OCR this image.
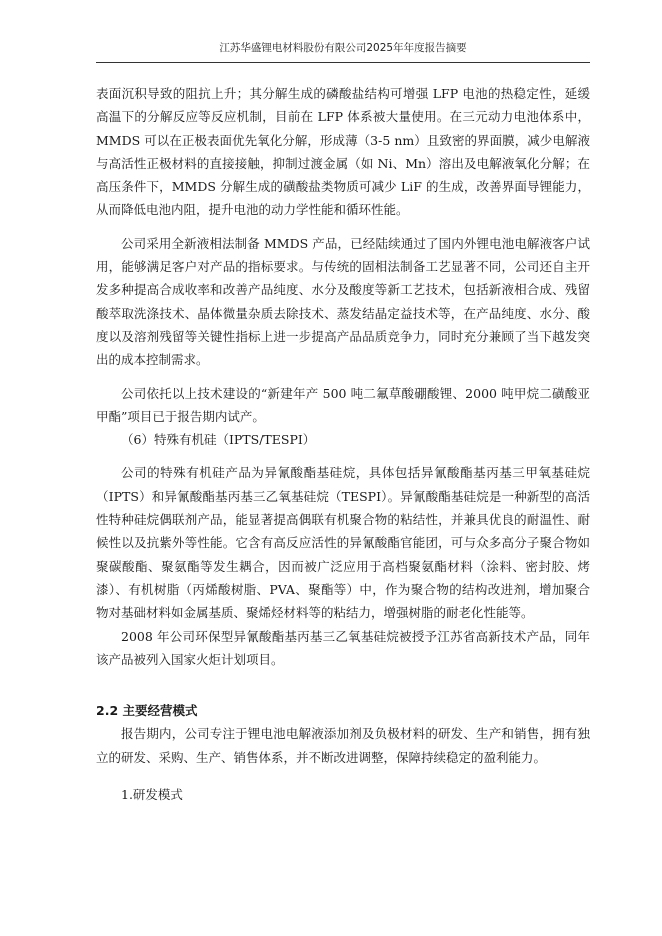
江苏华盛锂电材料股份有限公司2025年年度报告摘要

表面沉积导致的阻抗上升；其分解生成的磷酸盐结构可增强 LFP 电池的热稳定性，延缓高温下的分解反应等反应机制，目前在 LFP 体系被大量使用。在三元动力电池体系中，MMDS 可以在正极表面优先氧化分解，形成薄（3-5 nm）且致密的界面膜，减少电解液与高活性正极材料的直接接触，抑制过渡金属（如 Ni、Mn）溶出及电解液氧化分解；在高压条件下，MMDS 分解生成的磺酸盐类物质可减少 LiF 的生成，改善界面导锂能力，从而降低电池内阻，提升电池的动力学性能和循环性能。

公司采用全新液相法制备 MMDS 产品，已经陆续通过了国内外锂电池电解液客户试用，能够满足客户对产品的指标要求。与传统的固相法制备工艺显著不同，公司还自主开发多种提高合成收率和改善产品纯度、水分及酸度等新工艺技术，包括新液相合成、残留酸萃取洗涤技术、晶体微量杂质去除技术、蒸发结晶定益技术等，在产品纯度、水分、酸度以及溶剂残留等关键性指标上进一步提高产品品质竞争力，同时充分兼顾了当下越发突出的成本控制需求。

公司依托以上技术建设的“新建年产 500 吨二氟草酸硼酸锂、2000 吨甲烷二磺酸亚甲酯”项目已于报告期内试产。

（6）特殊有机硅（IPTS/TESPI）

公司的特殊有机硅产品为异氰酸酯基硅烷，具体包括异氰酸酯基丙基三甲氧基硅烷（IPTS）和异氰酸酯基丙基三乙氧基硅烷（TESPI）。异氰酸酯基硅烷是一种新型的高活性特种硅烷偶联剂产品，能显著提高偶联有机聚合物的粘结性，并兼具优良的耐温性、耐候性以及抗紫外等性能。它含有高反应活性的异氰酸酯官能团，可与众多高分子聚合物如聚碳酸酯、聚氨酯等发生耦合，因而被广泛应用于高档聚氨酯材料（涂料、密封胶、烤漆）、有机树脂（丙烯酸树脂、PVA、聚酯等）中，作为聚合物的结构改进剂，增加聚合物对基础材料如金属基质、聚烯烃材料等的粘结力，增强树脂的耐老化性能等。

2008 年公司环保型异氰酸酯基丙基三乙氧基硅烷被授予江苏省高新技术产品，同年该产品被列入国家火炬计划项目。

2.2 主要经营模式

报告期内，公司专注于锂电池电解液添加剂及负极材料的研发、生产和销售，拥有独立的研发、采购、生产、销售体系，并不断改进调整，保障持续稳定的盈利能力。

1.研发模式
